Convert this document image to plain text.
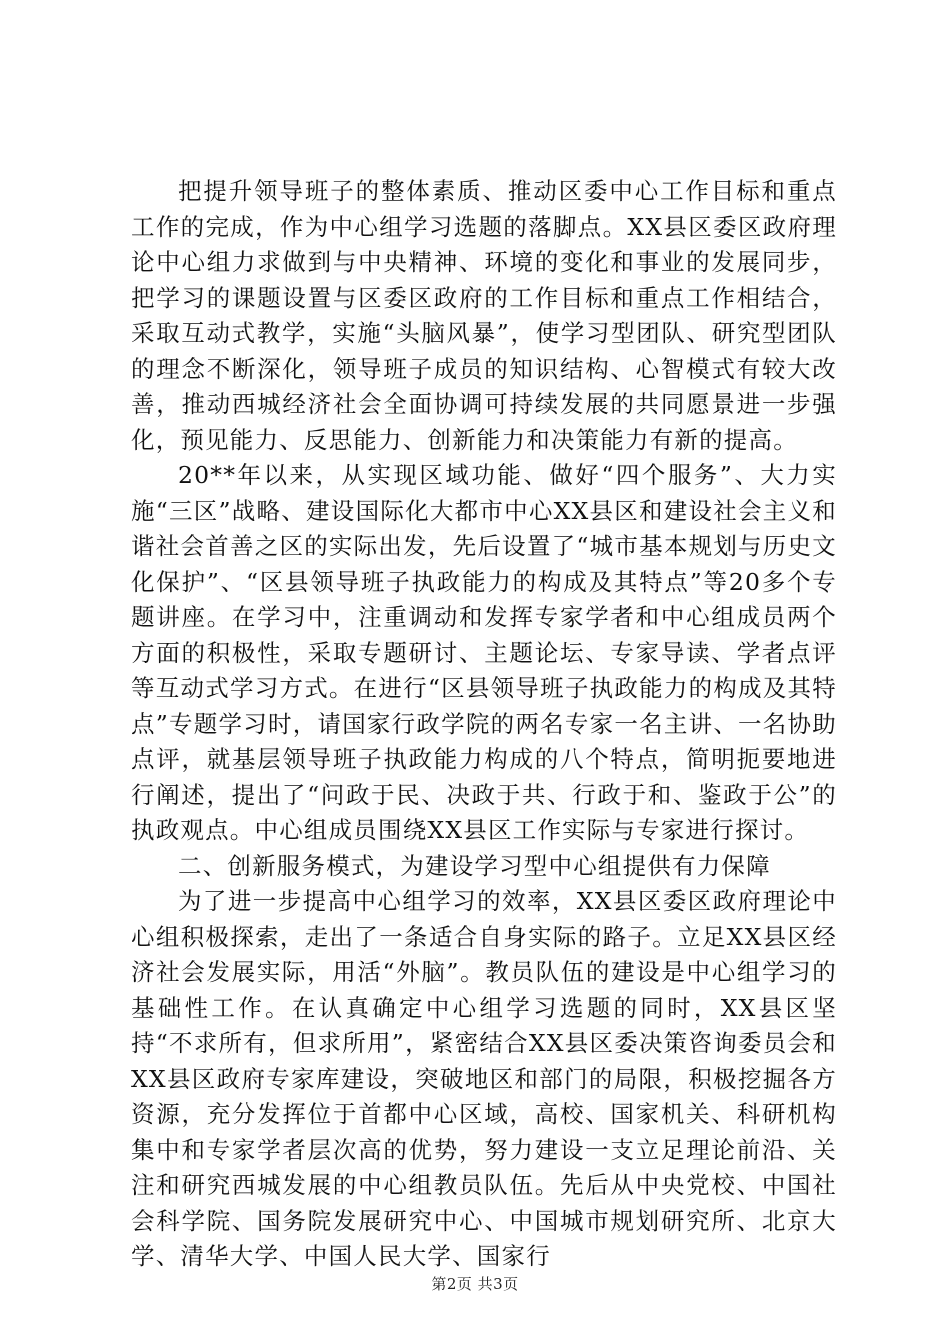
把提升领导班子的整体素质、推动区委中心工作目标和重点工作的完成，作为中心组学习选题的落脚点。XX县区委区政府理论中心组力求做到与中央精神、环境的变化和事业的发展同步，把学习的课题设置与区委区政府的工作目标和重点工作相结合，采取互动式教学，实施“头脑风暴”，使学习型团队、研究型团队的理念不断深化，领导班子成员的知识结构、心智模式有较大改善，推动西城经济社会全面协调可持续发展的共同愿景进一步强化，预见能力、反思能力、创新能力和决策能力有新的提高。

20**年以来，从实现区域功能、做好“四个服务”、大力实施“三区”战略、建设国际化大都市中心XX县区和建设社会主义和谐社会首善之区的实际出发，先后设置了“城市基本规划与历史文化保护”、“区县领导班子执政能力的构成及其特点”等20多个专题讲座。在学习中，注重调动和发挥专家学者和中心组成员两个方面的积极性，采取专题研讨、主题论坛、专家导读、学者点评等互动式学习方式。在进行“区县领导班子执政能力的构成及其特点”专题学习时，请国家行政学院的两名专家一名主讲、一名协助点评，就基层领导班子执政能力构成的八个特点，简明扼要地进行阐述，提出了“问政于民、决政于共、行政于和、鉴政于公”的执政观点。中心组成员围绕XX县区工作实际与专家进行探讨。

二、创新服务模式，为建设学习型中心组提供有力保障

为了进一步提高中心组学习的效率，XX县区委区政府理论中心组积极探索，走出了一条适合自身实际的路子。立足XX县区经济社会发展实际，用活“外脑”。教员队伍的建设是中心组学习的基础性工作。在认真确定中心组学习选题的同时，XX县区坚持“不求所有，但求所用”，紧密结合XX县区委决策咨询委员会和XX县区政府专家库建设，突破地区和部门的局限，积极挖掘各方资源，充分发挥位于首都中心区域，高校、国家机关、科研机构集中和专家学者层次高的优势，努力建设一支立足理论前沿、关注和研究西城发展的中心组教员队伍。先后从中央党校、中国社会科学院、国务院发展研究中心、中国城市规划研究所、北京大学、清华大学、中国人民大学、国家行

第2页 共3页
